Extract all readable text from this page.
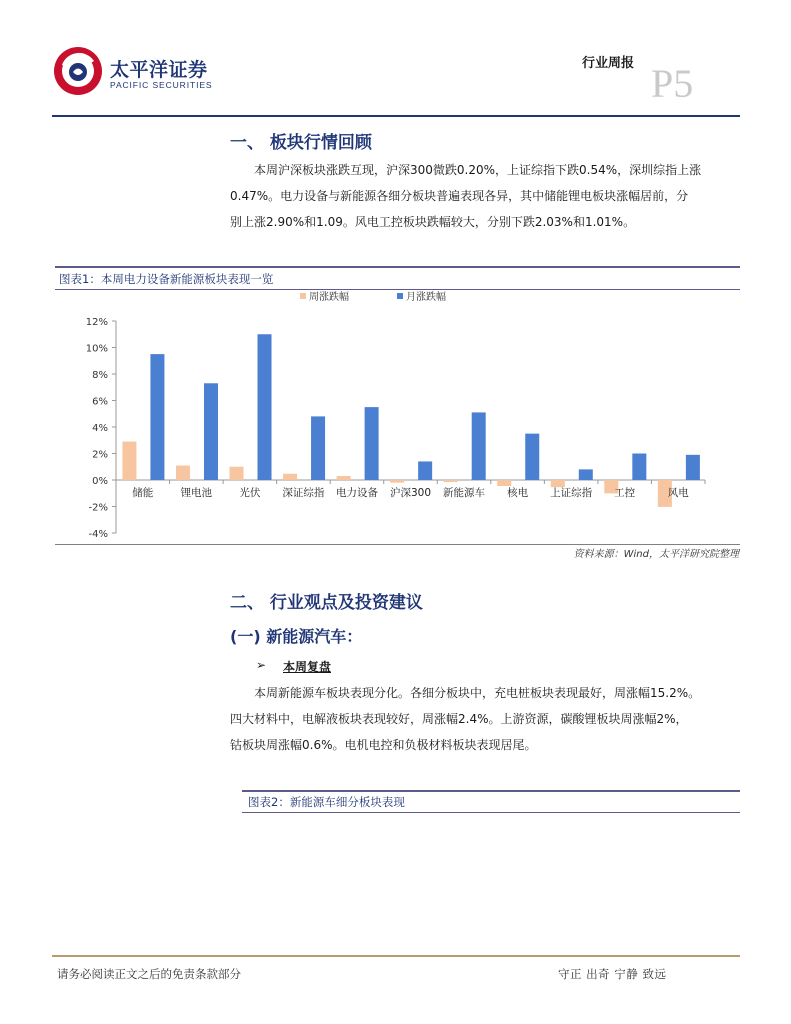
太平洋证券
PACIFIC SECURITIES
行业周报 P5
一、 板块行情回顾

本周沪深板块涨跌互现，沪深300微跌0.20%，上证综指下跌0.54%，深圳综指上涨

0.47%。电力设备与新能源各细分板块普遍表现各异，其中储能锂电板块涨幅居前，分

别上涨2.90%和1.09。风电工控板块跌幅较大，分别下跌2.03%和1.01%。

图表1：本周电力设备新能源板块表现一览
周涨跌幅	月涨跌幅
12%
10%
8%
6%
4%
2%
0%
-2%
-4%
储能	锂电池	光伏 深证综指 电力设备 沪深300 新能源车 核电 上证综指 工控	风电
资料来源：Wind，太平洋研究院整理
二、 行业观点及投资建议
(一) 新能源汽车：
➢ 本周复盘

本周新能源车板块表现分化。各细分板块中，充电桩板块表现最好，周涨幅15.2%。

四大材料中，电解液板块表现较好，周涨幅2.4%。上游资源，碳酸锂板块周涨幅2%，

钴板块周涨幅0.6%。电机电控和负极材料板块表现居尾。

图表2：新能源车细分板块表现
请务必阅读正文之后的免责条款部分	守正 出奇 宁静 致远
